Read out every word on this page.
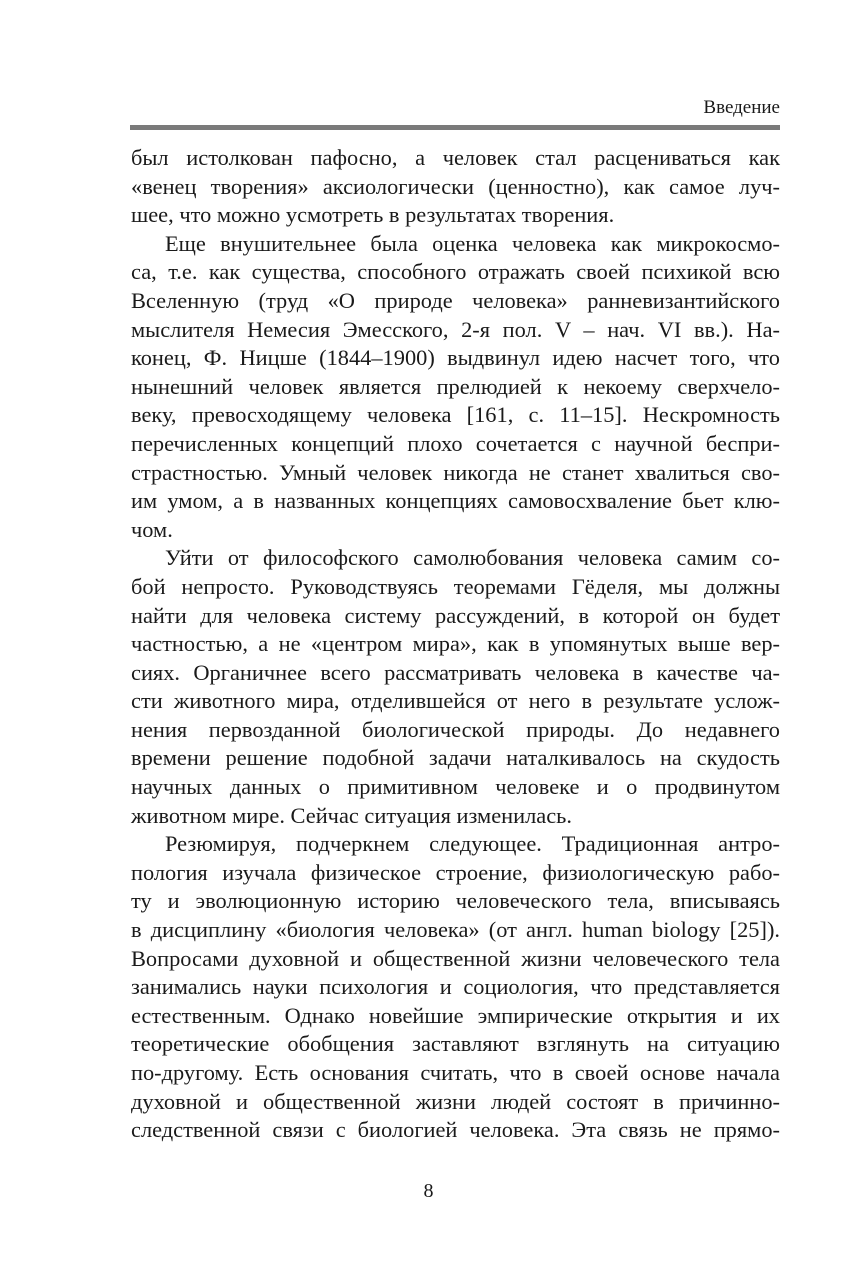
Введение

был истолкован пафосно, а человек стал расцениваться как
«венец творения» аксиологически (ценностно), как самое луч-
шее, что можно усмотреть в результатах творения.

Еще внушительнее была оценка человека как микрокосмо-
са, т.е. как существа, способного отражать своей психикой всю
Вселенную (труд «О природе человека» ранневизантийского
мыслителя Немесия Эмесского, 2-я пол. V – нач. VI вв.). На-
конец, Ф. Ницше (1844–1900) выдвинул идею насчет того, что
нынешний человек является прелюдией к некоему сверхчелo-
веку, превосходящему человека [161, с. 11–15]. Нескромность
перечисленных концепций плохо сочетается с научной беспри-
страстностью. Умный человек никогда не станет хвалиться сво-
им умом, а в названных концепциях самовосхваление бьет клю-
чом.

Уйти от философского самолюбования человека самим со-
бой непросто. Руководствуясь теоремами Гёделя, мы должны
найти для человека систему рассуждений, в которой он будет
частностью, а не «центром мира», как в упомянутых выше вер-
сиях. Органичнее всего рассматривать человека в качестве ча-
сти животного мира, отделившейся от него в результате услож-
нения первозданной биологической природы. До недавнего
времени решение подобной задачи наталкивалось на скудость
научных данных о примитивном человеке и о продвинутом
животном мире. Сейчас ситуация изменилась.

Резюмируя, подчеркнем следующее. Традиционная антро-
пология изучала физическое строение, физиологическую рабо-
ту и эволюционную историю человеческого тела, вписываясь
в дисциплину «биология человека» (от англ. human biology [25]).
Вопросами духовной и общественной жизни человеческого тела
занимались науки психология и социология, что представляется
естественным. Однако новейшие эмпирические открытия и их
теоретические обобщения заставляют взглянуть на ситуацию
по-другому. Есть основания считать, что в своей основе начала
духовной и общественной жизни людей состоят в причинно-
следственной связи с биологией человека. Эта связь не прямо-

8
